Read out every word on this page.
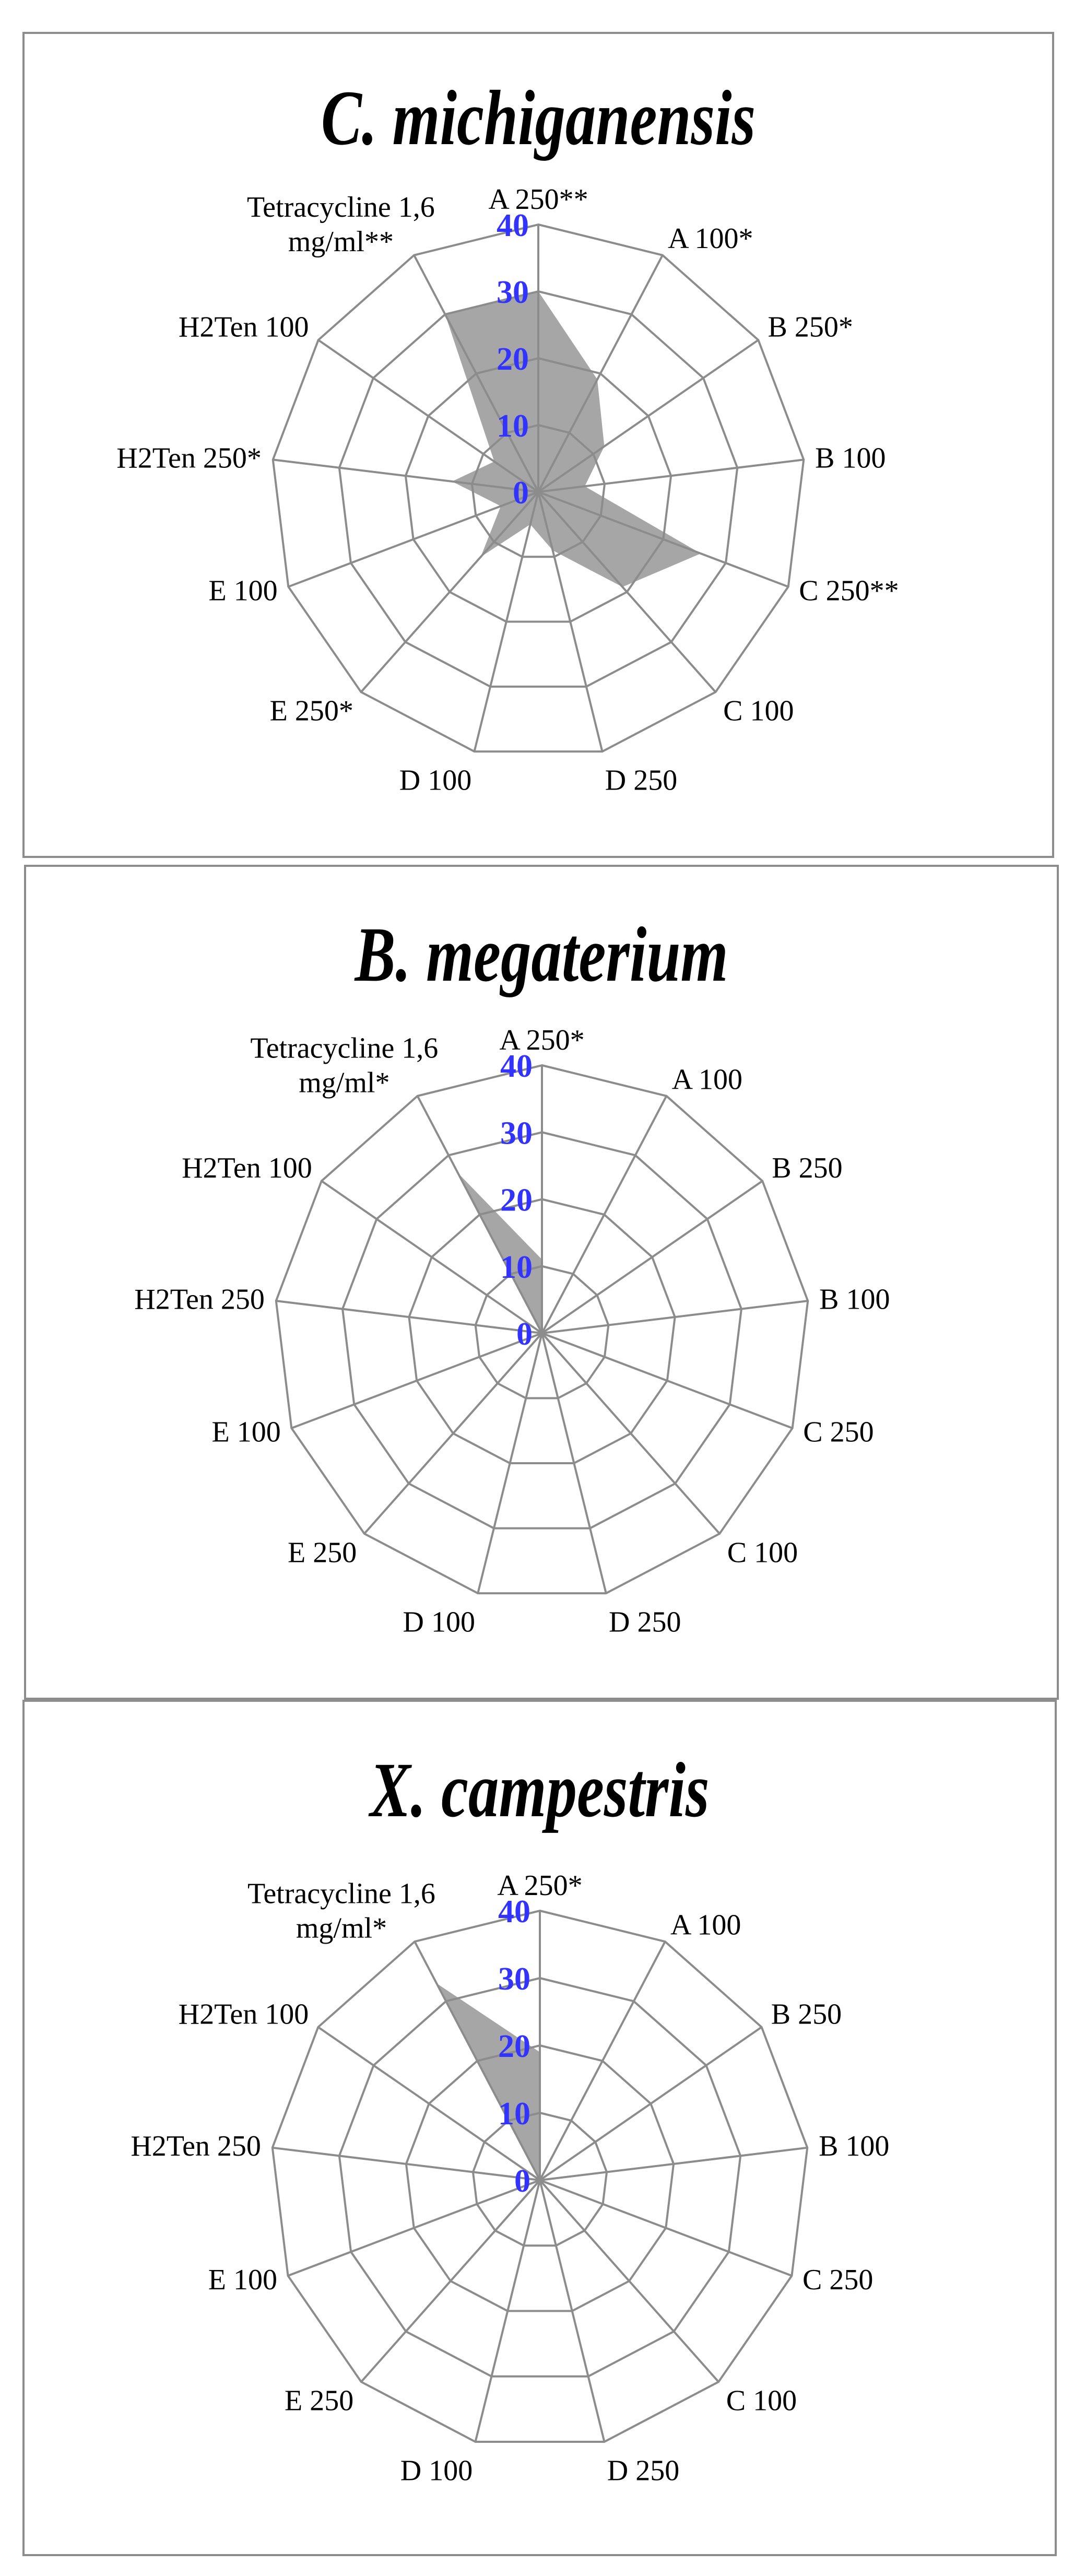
C. michiganensis
0
10
20
30
40
A 250**
A 100*
B 250*
B 100
C 250**
C 100
D 250
D 100
E 250*
E 100
H2Ten 250*
H2Ten 100
Tetracycline 1,6 mg/ml**
B. megaterium
0
10
20
30
40
A 250*
A 100
B 250
B 100
C 250
C 100
D 250
D 100
E 250
E 100
H2Ten 250
H2Ten 100
Tetracycline 1,6 mg/ml*
X. campestris
0
10
20
30
40
A 250*
A 100
B 250
B 100
C 250
C 100
D 250
D 100
E 250
E 100
H2Ten 250
H2Ten 100
Tetracycline 1,6 mg/ml*
